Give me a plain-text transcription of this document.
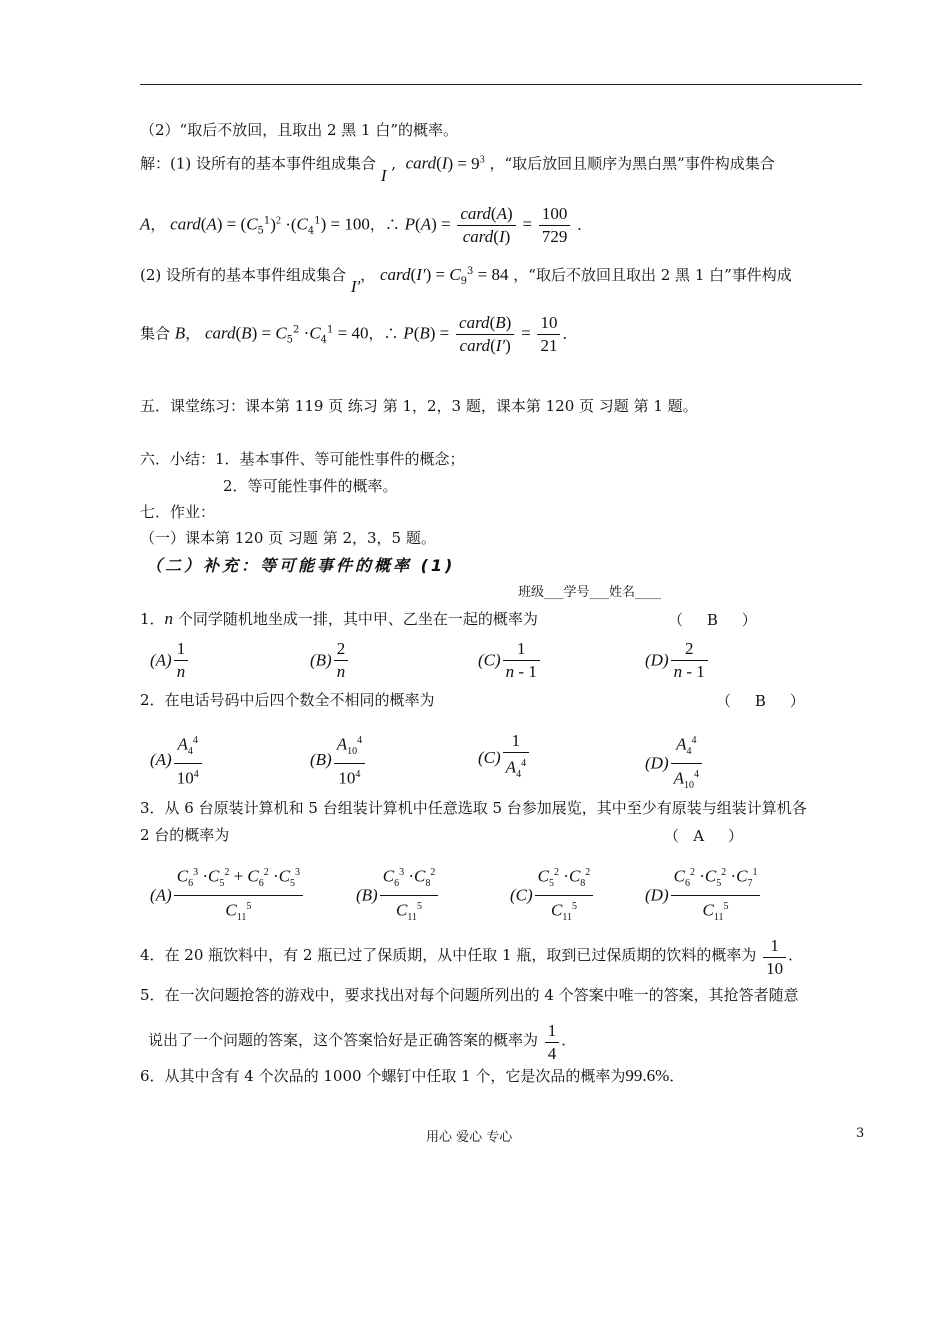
（2）“取后不放回，且取出 2 黑 1 白”的概率。
解：(1) 设所有的基本事件组成集合 I ,  card(I) = $9^3$ ，“取后放回且顺序为黑白黑”事件构成集合
A， card(A) = $(C_5^1)^2 \cdot(C_4^1) = 100$，∴ $P(A) = \frac{\text{card(A)}}{\text{card(I)}} = \frac{100}{729}$ ．
(2) 设所有的基本事件组成集合 I′， card(I′) = $C_9^3 = 84$ ，“取后不放回且取出 2 黑 1 白”事件构成
集合 B， card(B) = $C_5^2 \cdot C_4^1 = 40$，∴ $P(B) = \frac{\text{card(B)}}{\text{card(I′)}} = \frac{10}{21}$ ．
五．课堂练习：课本第 119 页 练习 第 1，2，3 题，课本第 120 页 习题 第 1 题。
六．小结：1．基本事件、等可能性事件的概念；
2．等可能性事件的概率。
七．作业：
（一）课本第 120 页 习题 第 2，3，5 题。
（二）补充：等可能事件的概率 (1)
班级___学号___姓名____
1．n 个同学随机地坐成一排，其中甲、乙坐在一起的概率为	（     B     ）
$(A) \frac{1}{n}$	$(B) \frac{2}{n}$	$(C) \frac{1}{n - 1}$	$(D) \frac{2}{n - 1}$
2．在电话号码中后四个数全不相同的概率为	（     B     ）
$(A) \frac{A_4^4}{10^4}$	$(B) \frac{A_{10}^4}{10^4}$	$(C) \frac{1}{A_4^4}$	$(D) \frac{A_4^4}{A_{10}^4}$
3．从 6 台原装计算机和 5 台组装计算机中任意选取 5 台参加展览，其中至少有原装与组装计算机各
2 台的概率为	（   A     ）
$(A) \frac{C_6^3 \cdot C_5^2 + C_6^2 \cdot C_5^3}{C_{11}^5}$	$(B) \frac{C_6^3 \cdot C_8^2}{C_{11}^5}$	$(C) \frac{C_5^2 \cdot C_8^2}{C_{11}^5}$	$(D) \frac{C_6^2 \cdot C_5^2 \cdot C_7^1}{C_{11}^5}$
4．在 20 瓶饮料中，有 2 瓶已过了保质期，从中任取 1 瓶，取到已过保质期的饮料的概率为 $\frac{1}{10}$ ．
5．在一次问题抢答的游戏中，要求找出对每个问题所列出的 4 个答案中唯一的答案，其抢答者随意
说出了一个问题的答案，这个答案恰好是正确答案的概率为 $\frac{1}{4}$ ．
6．从其中含有 4 个次品的 1000 个螺钉中任取 1 个，它是次品的概率为99.6%．
用心 爱心 专心	3
